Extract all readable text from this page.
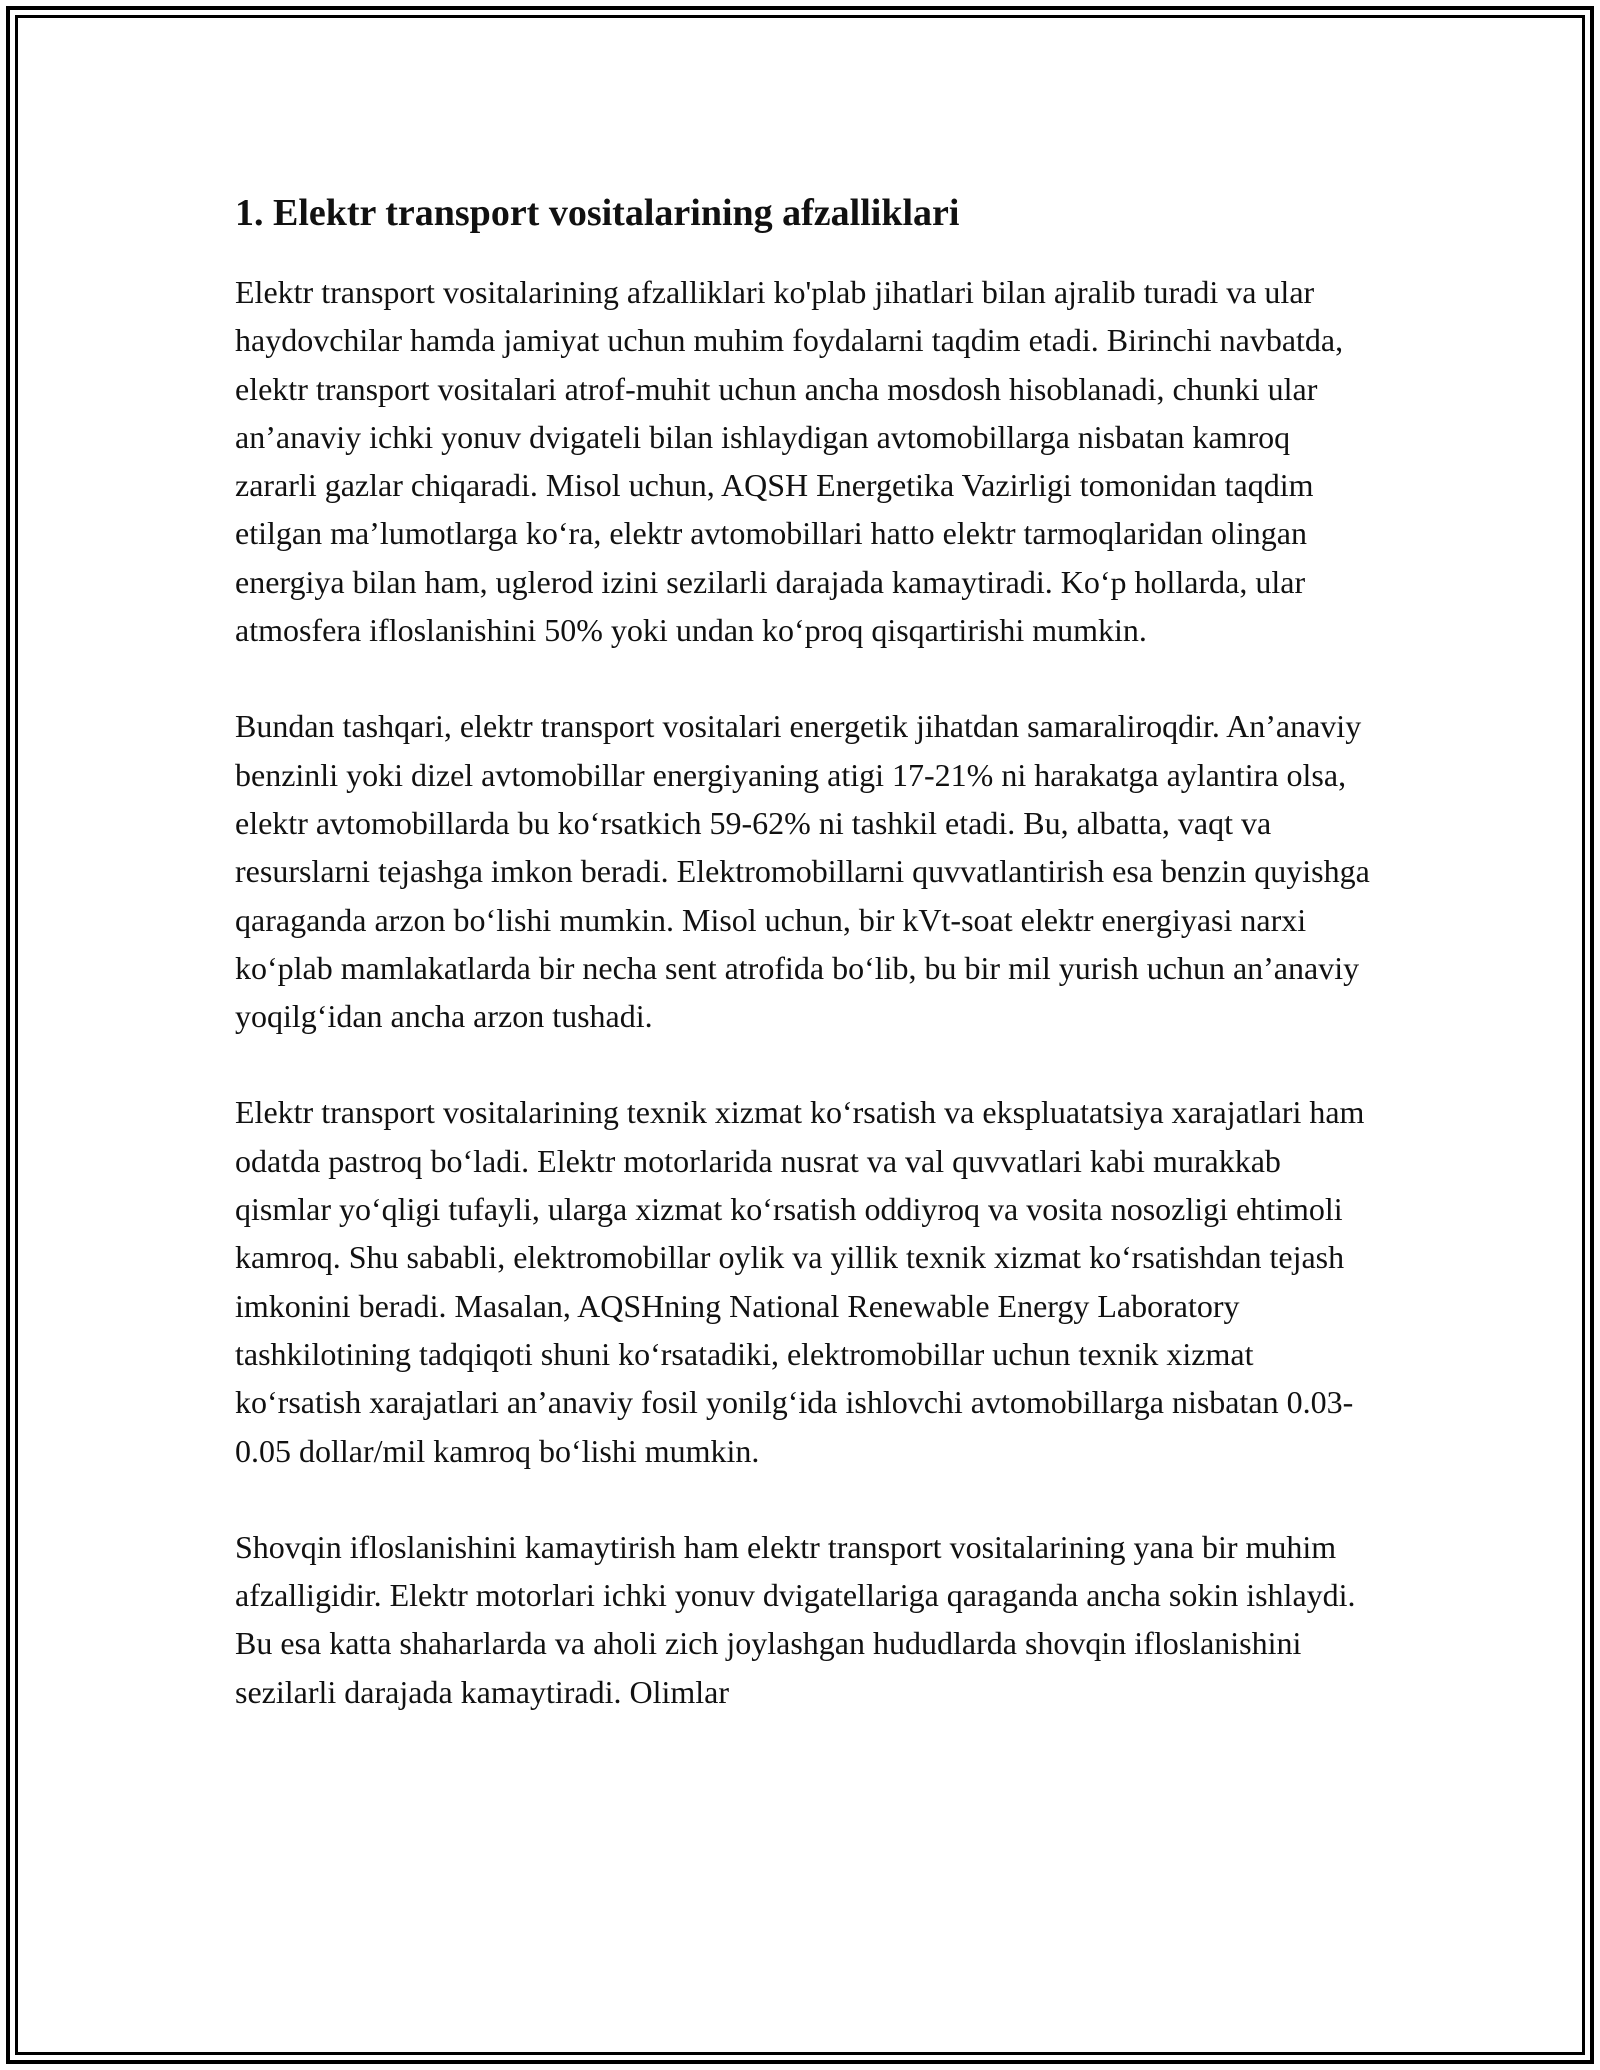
1. Elektr transport vositalarining afzalliklari

Elektr transport vositalarining afzalliklari ko'plab jihatlari bilan ajralib turadi va ular haydovchilar hamda jamiyat uchun muhim foydalarni taqdim etadi. Birinchi navbatda, elektr transport vositalari atrof-muhit uchun ancha mosdosh hisoblanadi, chunki ular an’anaviy ichki yonuv dvigateli bilan ishlaydigan avtomobillarga nisbatan kamroq zararli gazlar chiqaradi. Misol uchun, AQSH Energetika Vazirligi tomonidan taqdim etilgan ma’lumotlarga ko‘ra, elektr avtomobillari hatto elektr tarmoqlaridan olingan energiya bilan ham, uglerod izini sezilarli darajada kamaytiradi. Ko‘p hollarda, ular atmosfera ifloslanishini 50% yoki undan ko‘proq qisqartirishi mumkin.

Bundan tashqari, elektr transport vositalari energetik jihatdan samaraliroqdir. An’anaviy benzinli yoki dizel avtomobillar energiyaning atigi 17-21% ni harakatga aylantira olsa, elektr avtomobillarda bu ko‘rsatkich 59-62% ni tashkil etadi. Bu, albatta, vaqt va resurslarni tejashga imkon beradi. Elektromobillarni quvvatlantirish esa benzin quyishga qaraganda arzon bo‘lishi mumkin. Misol uchun, bir kVt-soat elektr energiyasi narxi ko‘plab mamlakatlarda bir necha sent atrofida bo‘lib, bu bir mil yurish uchun an’anaviy yoqilg‘idan ancha arzon tushadi.

Elektr transport vositalarining texnik xizmat ko‘rsatish va ekspluatatsiya xarajatlari ham odatda pastroq bo‘ladi. Elektr motorlarida nusrat va val quvvatlari kabi murakkab qismlar yo‘qligi tufayli, ularga xizmat ko‘rsatish oddiyroq va vosita nosozligi ehtimoli kamroq. Shu sababli, elektromobillar oylik va yillik texnik xizmat ko‘rsatishdan tejash imkonini beradi. Masalan, AQSHning National Renewable Energy Laboratory tashkilotining tadqiqoti shuni ko‘rsatadiki, elektromobillar uchun texnik xizmat ko‘rsatish xarajatlari an’anaviy fosil yonilg‘ida ishlovchi avtomobillarga nisbatan 0.03-0.05 dollar/mil kamroq bo‘lishi mumkin.

Shovqin ifloslanishini kamaytirish ham elektr transport vositalarining yana bir muhim afzalligidir. Elektr motorlari ichki yonuv dvigatellariga qaraganda ancha sokin ishlaydi. Bu esa katta shaharlarda va aholi zich joylashgan hududlarda shovqin ifloslanishini sezilarli darajada kamaytiradi. Olimlar
